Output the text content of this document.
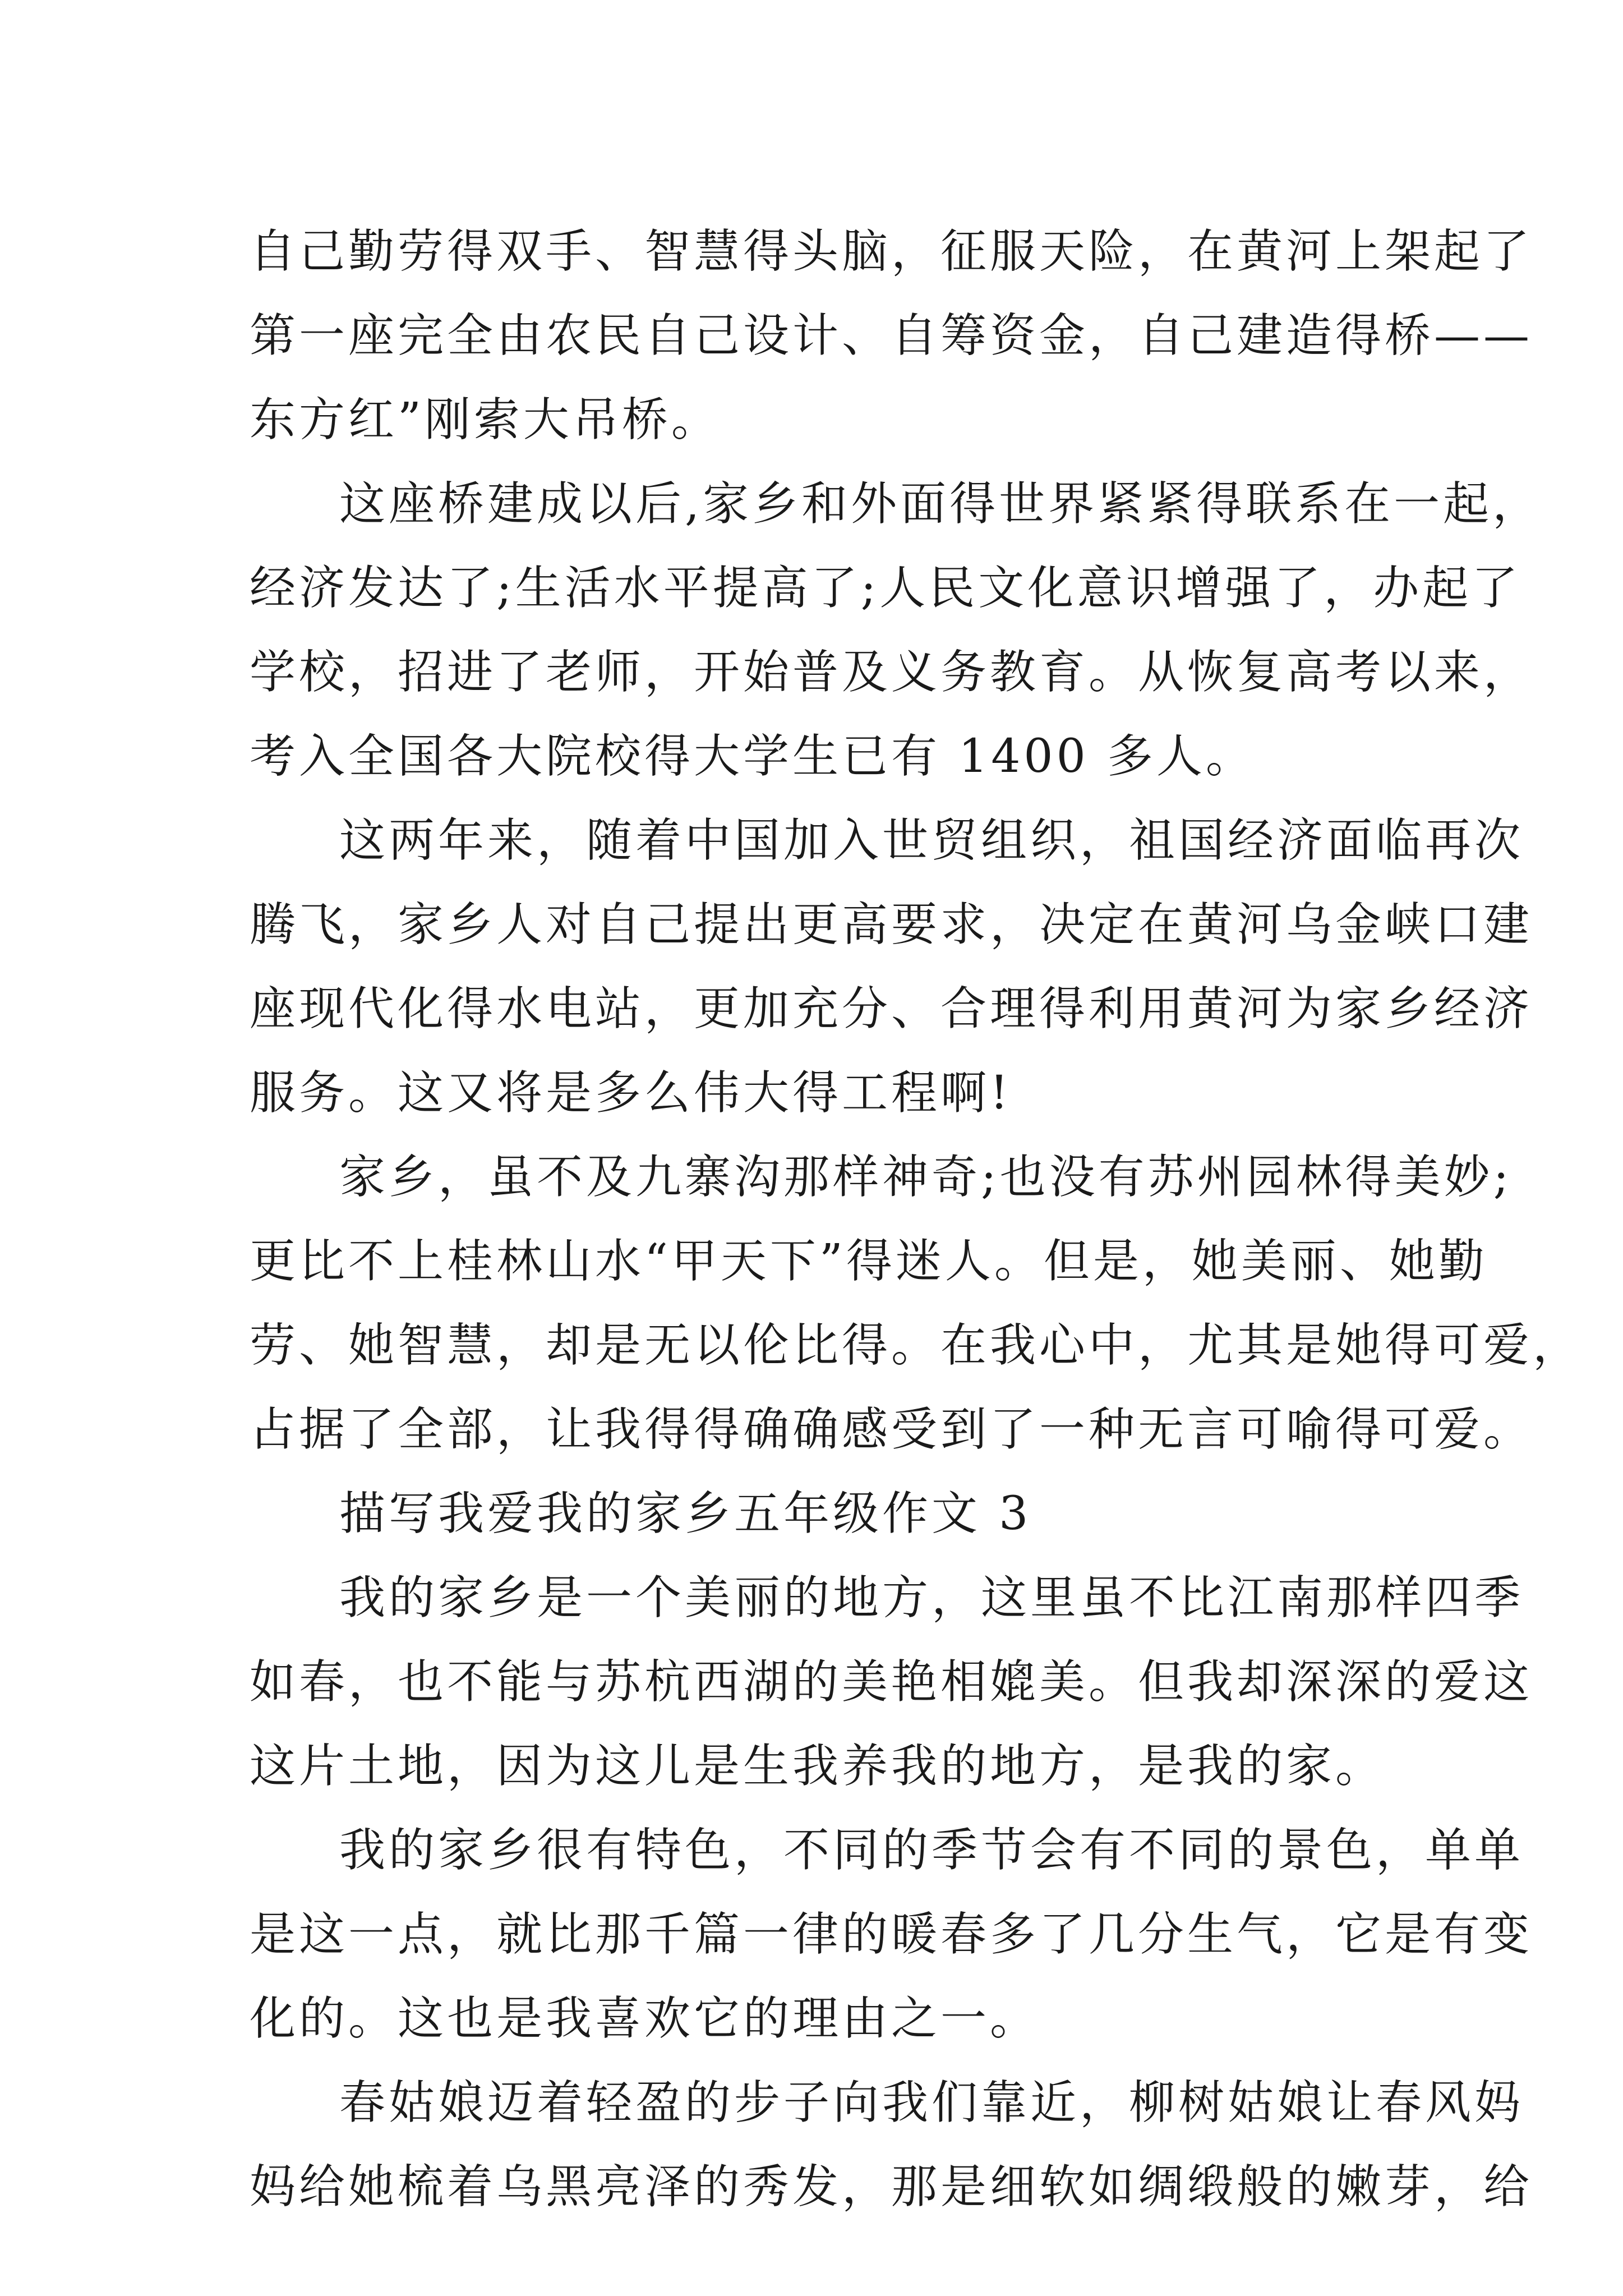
自己勤劳得双手、智慧得头脑，征服天险，在黄河上架起了
第一座完全由农民自己设计、自筹资金，自己建造得桥——
东方红”刚索大吊桥。
这座桥建成以后,家乡和外面得世界紧紧得联系在一起，
经济发达了;生活水平提高了;人民文化意识增强了，办起了
学校，招进了老师，开始普及义务教育。从恢复高考以来，
考入全国各大院校得大学生已有 1400 多人。
这两年来，随着中国加入世贸组织，祖国经济面临再次
腾飞，家乡人对自己提出更高要求，决定在黄河乌金峡口建
座现代化得水电站，更加充分、合理得利用黄河为家乡经济
服务。这又将是多么伟大得工程啊!
家乡，虽不及九寨沟那样神奇;也没有苏州园林得美妙;
更比不上桂林山水“甲天下”得迷人。但是，她美丽、她勤
劳、她智慧，却是无以伦比得。在我心中，尤其是她得可爱，
占据了全部，让我得得确确感受到了一种无言可喻得可爱。
描写我爱我的家乡五年级作文 3
我的家乡是一个美丽的地方，这里虽不比江南那样四季
如春，也不能与苏杭西湖的美艳相媲美。但我却深深的爱这
这片土地，因为这儿是生我养我的地方，是我的家。
我的家乡很有特色，不同的季节会有不同的景色，单单
是这一点，就比那千篇一律的暖春多了几分生气，它是有变
化的。这也是我喜欢它的理由之一。
春姑娘迈着轻盈的步子向我们靠近，柳树姑娘让春风妈
妈给她梳着乌黑亮泽的秀发，那是细软如绸缎般的嫩芽，给
